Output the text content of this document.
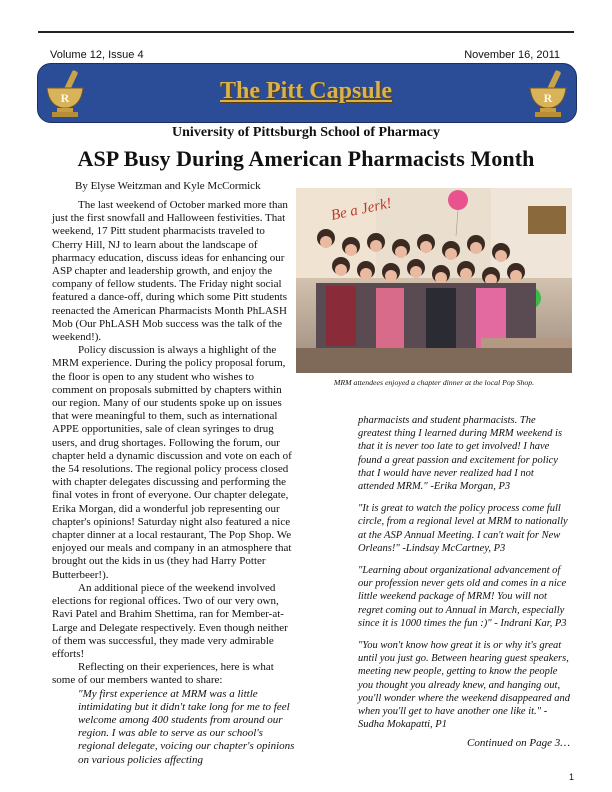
Volume 12, Issue 4	November 16, 2011
R	R
The Pitt Capsule
University of Pittsburgh School of Pharmacy
ASP Busy During American Pharmacists Month
By Elyse Weitzman and Kyle McCormick

The last weekend of October marked more than just the first snowfall and Halloween festivities. That weekend, 17 Pitt student pharmacists traveled to Cherry Hill, NJ to learn about the landscape of pharmacy education, discuss ideas for enhancing our ASP chapter and leadership growth, and enjoy the company of fellow students. The Friday night social featured a dance-off, during which some Pitt students reenacted the American Pharmacists Month PhLASH Mob (Our PhLASH Mob success was the talk of the weekend!).

Policy discussion is always a highlight of the MRM experience. During the policy proposal forum, the floor is open to any student who wishes to comment on proposals submitted by chapters within our region. Many of our students spoke up on issues that were meaningful to them, such as international APPE opportunities, sale of clean syringes to drug users, and drug shortages. Following the forum, our chapter held a dynamic discussion and vote on each of the 54 resolutions. The regional policy process closed with chapter delegates discussing and performing the final votes in front of everyone. Our chapter delegate, Erika Morgan, did a wonderful job representing our chapter's opinions! Saturday night also featured a nice chapter dinner at a local restaurant, The Pop Shop. We enjoyed our meals and company in an atmosphere that brought out the kids in us (they had Harry Potter Butterbeer!).

An additional piece of the weekend involved elections for regional offices. Two of our very own, Ravi Patel and Brahim Shettima, ran for Member-at-Large and Delegate respectively. Even though neither of them was successful, they made very admirable efforts!

Reflecting on their experiences, here is what some of our members wanted to share:

"My first experience at MRM was a little intimidating but it didn't take long for me to feel welcome among 400 students from around our region. I was able to serve as our school's regional delegate, voicing our chapter's opinions on various policies affecting

Be a Jerk!
MRM attendees enjoyed a chapter dinner at the local Pop Shop.

pharmacists and student pharmacists. The greatest thing I learned during MRM weekend is that it is never too late to get involved! I have found a great passion and excitement for policy that I would have never realized had I not attended MRM." -Erika Morgan, P3

"It is great to watch the policy process come full circle, from a regional level at MRM to nationally at the ASP Annual Meeting. I can't wait for New Orleans!" -Lindsay McCartney, P3

"Learning about organizational advancement of our profession never gets old and comes in a nice little weekend package of MRM! You will not regret coming out to Annual in March, especially since it is 1000 times the fun :)" - Indrani Kar, P3

"You won't know how great it is or why it's great until you just go. Between hearing guest speakers, meeting new people, getting to know the people you thought you already knew, and hanging out, you'll wonder where the weekend disappeared and when you'll get to have another one like it." - Sudha Mokapatti, P1

Continued on Page 3…
1
